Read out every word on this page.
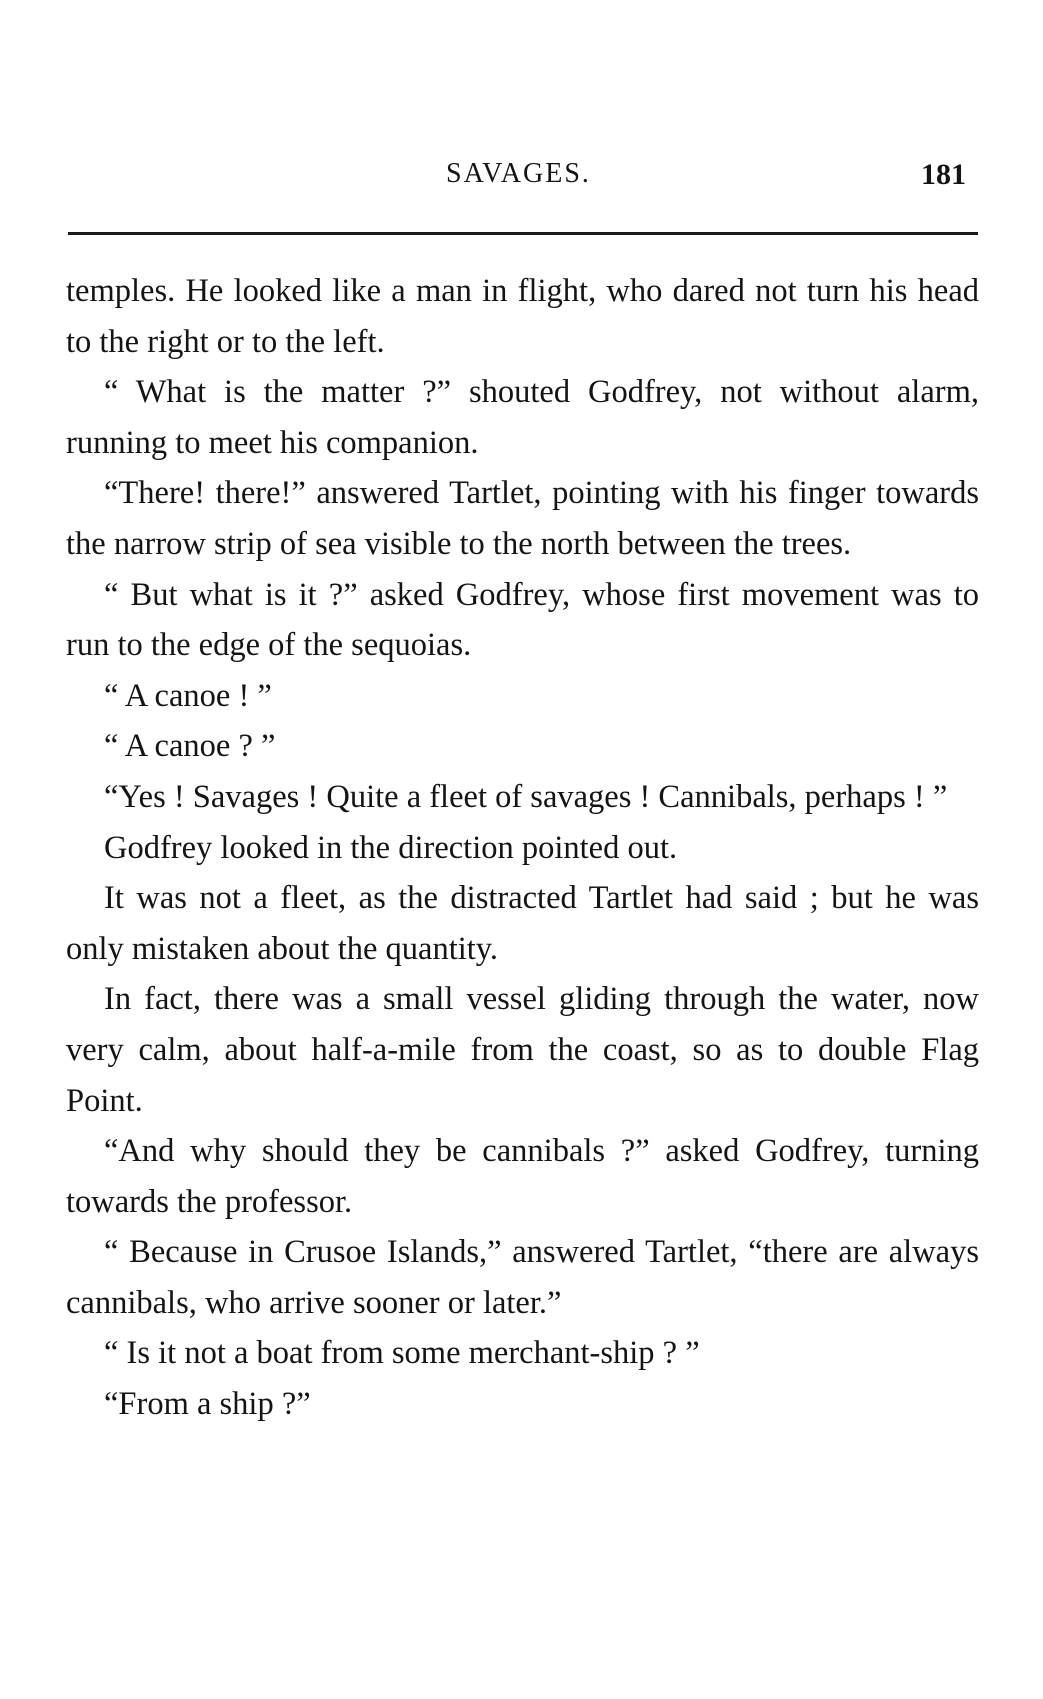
SAVAGES.	181

temples. He looked like a man in flight, who dared not turn his head to the right or to the left.

“ What is the matter ?” shouted Godfrey, not without alarm, running to meet his companion.

“There! there!” answered Tartlet, pointing with his finger towards the narrow strip of sea visible to the north between the trees.

“ But what is it ?” asked Godfrey, whose first movement was to run to the edge of the sequoias.

“ A canoe ! ”

“ A canoe ? ”

“Yes ! Savages ! Quite a fleet of savages ! Cannibals, perhaps ! ”

Godfrey looked in the direction pointed out.

It was not a fleet, as the distracted Tartlet had said ; but he was only mistaken about the quantity.

In fact, there was a small vessel gliding through the water, now very calm, about half-a-mile from the coast, so as to double Flag Point.

“And why should they be cannibals ?” asked Godfrey, turning towards the professor.

“ Because in Crusoe Islands,” answered Tartlet, “there are always cannibals, who arrive sooner or later.”

“ Is it not a boat from some merchant-ship ? ”

“From a ship ?”
